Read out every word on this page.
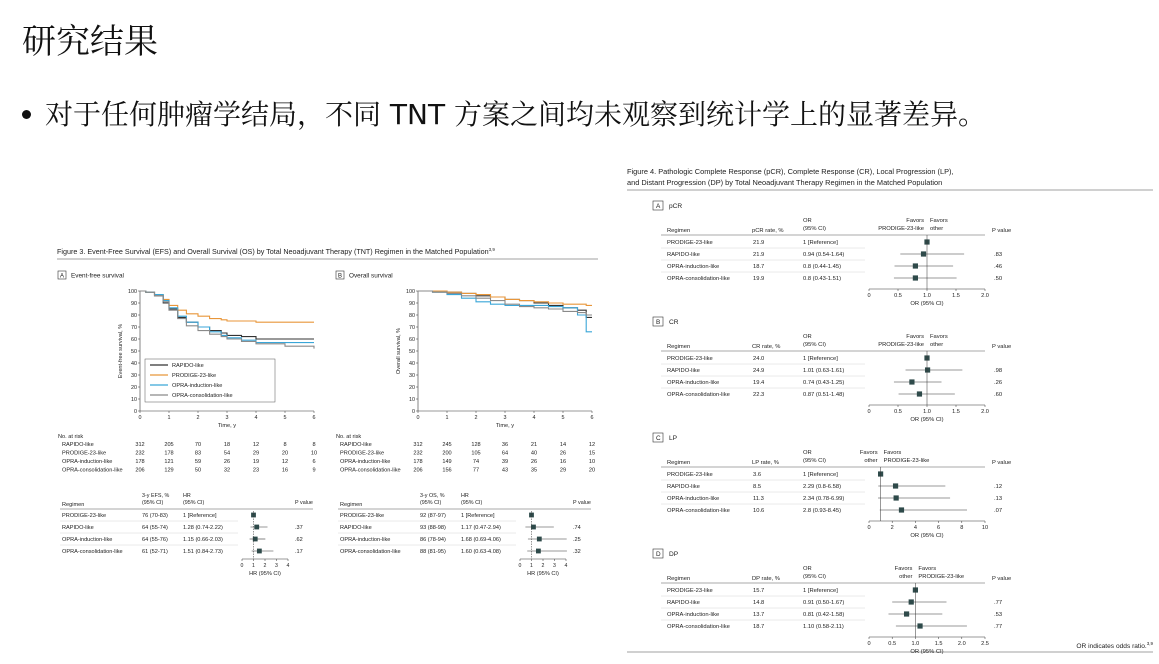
研究结果
对于任何肿瘤学结局，不同 TNT 方案之间均未观察到统计学上的显著差异。
Figure 3. Event-Free Survival (EFS) and Overall Survival (OS) by Total Neoadjuvant Therapy (TNT) Regimen in the Matched Population$^{3,9}$
A Event-free survival
0
10
20
30
40
50
60
70
80
90
100
0	1	2	3	4	5	6
Time, y
Event-free survival, %	RAPIDO-like
PRODIGE-23-like
OPRA-induction-like
OPRA-consolidation-like
No. at risk
RAPIDO-like	312	205	70	18	12	8	8
PRODIGE-23-like	232	178	83	54	29	20	10
OPRA-induction-like	178	121	59	26	19	12	6
OPRA-consolidation-like 206	129	50	32	23	16	9
3-y EFS, %
(95% CI)
HR
(95% CI)
Regimen	P value
PRODIGE-23-like	76 (70-83)	1 [Reference]
RAPIDO-like	64 (55-74)	1.28 (0.74-2.22)	.37
OPRA-induction-like	64 (55-76)	1.15 (0.66-2.03)	.62
OPRA-consolidation-like	61 (52-71)	1.51 (0.84-2.73)	.17
0 1 2 3 4
HR (95% CI)
B Overall survival
0
10
20
30
40
50
60
70
80
90
100
0	1	2	3	4	5	6
Time, y
Overall survival, %
No. at risk
RAPIDO-like	312	245	128	36	21	14	12
PRODIGE-23-like	232	200	105	64	40	26	15
OPRA-induction-like	178	149	74	39	26	16	10
OPRA-consolidation-like 206	156	77	43	35	29	20
3-y OS, %
(95% CI)
HR
(95% CI)
Regimen	P value
PRODIGE-23-like	92 (87-97)	1 [Reference]
RAPIDO-like	93 (88-98)	1.17 (0.47-2.94)	.74
OPRA-induction-like	86 (78-94)	1.68 (0.69-4.06)	.25
OPRA-consolidation-like	88 (81-95)	1.60 (0.63-4.08)	.32
0 1 2 3 4
HR (95% CI)
Figure 4. Pathologic Complete Response (pCR), Complete Response (CR), Local Progression (LP),
and Distant Progression (DP) by Total Neoadjuvant Therapy Regimen in the Matched Population
A pCR
OR
(95% CI)
Regimen	pCR rate, %	P value
Favors
PRODIGE-23-like
Favors
other
PRODIGE-23-like	21.9	1 [Reference]
RAPIDO-like	21.9	0.94 (0.54-1.64)	.83
OPRA-induction-like	18.7	0.8 (0.44-1.45)	.46
OPRA-consolidation-like	19.9	0.8 (0.43-1.51)	.50
0	0.5	1.0	1.5	2.0
OR (95% CI)
B CR
OR
(95% CI)
Regimen	CR rate, %	P value
Favors
PRODIGE-23-like
Favors
other
PRODIGE-23-like	24.0	1 [Reference]
RAPIDO-like	24.9	1.01 (0.63-1.61)	.98
OPRA-induction-like	19.4	0.74 (0.43-1.25)	.26
OPRA-consolidation-like	22.3	0.87 (0.51-1.48)	.60
0	0.5	1.0	1.5	2.0
OR (95% CI)
C LP
OR
(95% CI)
Regimen	LP rate, %	P value
Favors
other
Favors
PRODIGE-23-like
PRODIGE-23-like	3.6	1 [Reference]
RAPIDO-like	8.5	2.29 (0.8-6.58)	.12
OPRA-induction-like	11.3	2.34 (0.78-6.99)	.13
OPRA-consolidation-like	10.6	2.8 (0.93-8.45)	.07
0	2	4	6	8	10
OR (95% CI)
D DP
OR
(95% CI)
Regimen	DP rate, %	P value
Favors
other
Favors
PRODIGE-23-like
PRODIGE-23-like	15.7	1 [Reference]
RAPIDO-like	14.8	0.91 (0.50-1.67)	.77
OPRA-induction-like	13.7	0.81 (0.42-1.58)	.53
OPRA-consolidation-like	18.7	1.10 (0.58-2.11)	.77
0	0.5	1.0	1.5	2.0	2.5
OR (95% CI)
OR indicates odds ratio.$^{3,9}$
